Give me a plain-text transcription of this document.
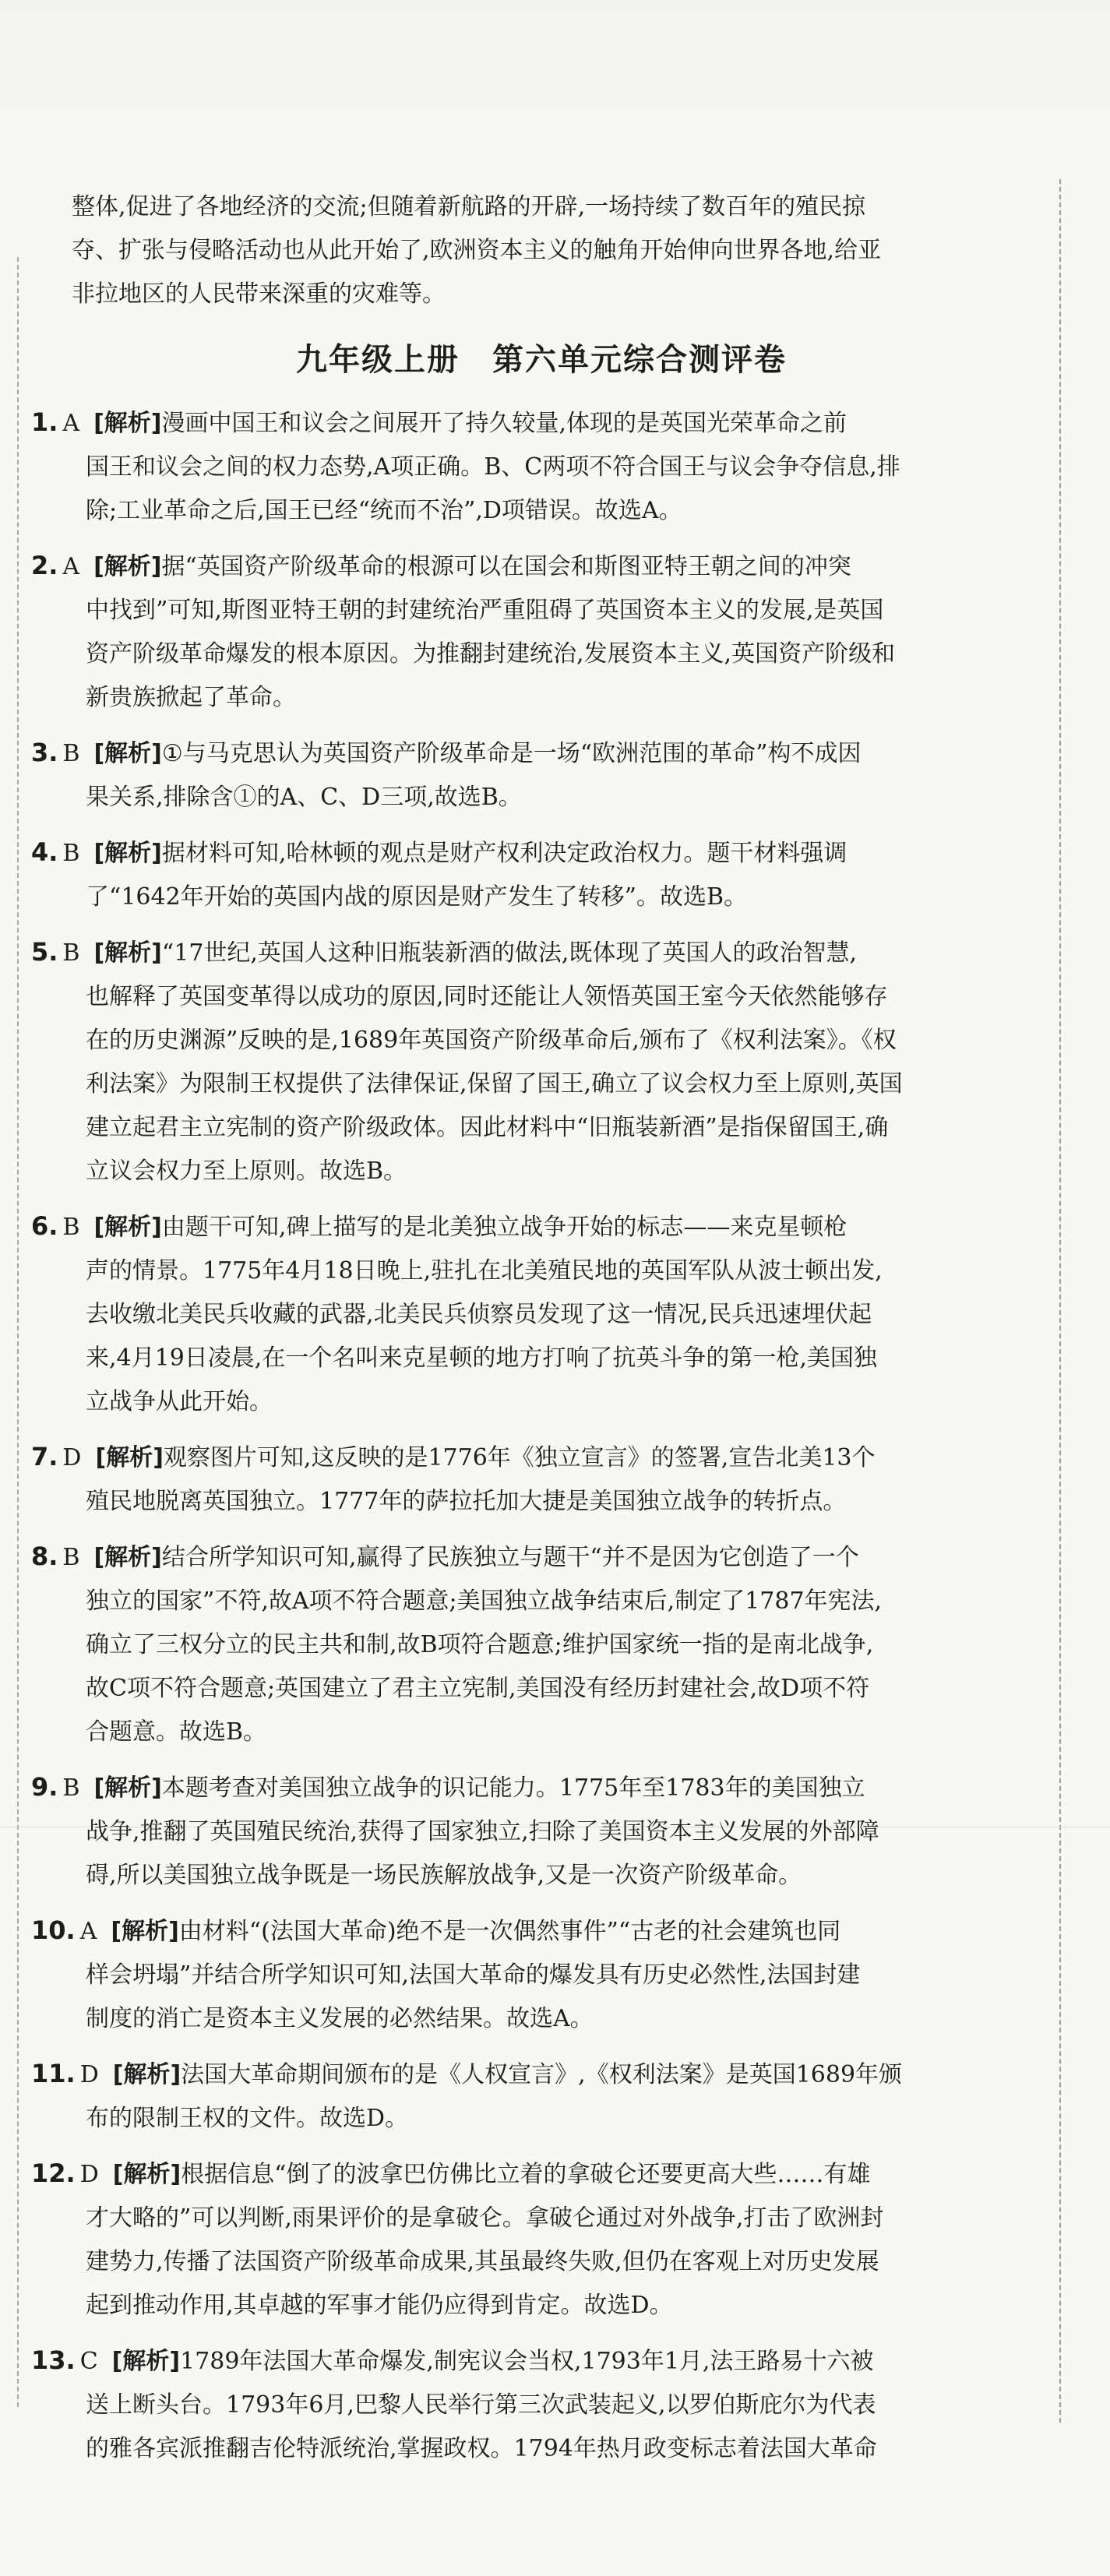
整体,促进了各地经济的交流;但随着新航路的开辟,一场持续了数百年的殖民掠

夺、扩张与侵略活动也从此开始了,欧洲资本主义的触角开始伸向世界各地,给亚

非拉地区的人民带来深重的灾难等。

九年级上册　第六单元综合测评卷
1. A [解析]漫画中国王和议会之间展开了持久较量,体现的是英国光荣革命之前
国王和议会之间的权力态势,A项正确。B、C两项不符合国王与议会争夺信息,排
除;工业革命之后,国王已经“统而不治”,D项错误。故选A。
2. A [解析]据“英国资产阶级革命的根源可以在国会和斯图亚特王朝之间的冲突
中找到”可知,斯图亚特王朝的封建统治严重阻碍了英国资本主义的发展,是英国
资产阶级革命爆发的根本原因。为推翻封建统治,发展资本主义,英国资产阶级和
新贵族掀起了革命。
3. B [解析]①与马克思认为英国资产阶级革命是一场“欧洲范围的革命”构不成因
果关系,排除含①的A、C、D三项,故选B。
4. B [解析]据材料可知,哈林顿的观点是财产权利决定政治权力。题干材料强调
了“1642年开始的英国内战的原因是财产发生了转移”。故选B。
5. B [解析]“17世纪,英国人这种旧瓶装新酒的做法,既体现了英国人的政治智慧,
也解释了英国变革得以成功的原因,同时还能让人领悟英国王室今天依然能够存
在的历史渊源”反映的是,1689年英国资产阶级革命后,颁布了《权利法案》。《权
利法案》为限制王权提供了法律保证,保留了国王,确立了议会权力至上原则,英国
建立起君主立宪制的资产阶级政体。因此材料中“旧瓶装新酒”是指保留国王,确
立议会权力至上原则。故选B。
6. B [解析]由题干可知,碑上描写的是北美独立战争开始的标志——来克星顿枪
声的情景。1775年4月18日晚上,驻扎在北美殖民地的英国军队从波士顿出发,
去收缴北美民兵收藏的武器,北美民兵侦察员发现了这一情况,民兵迅速埋伏起
来,4月19日凌晨,在一个名叫来克星顿的地方打响了抗英斗争的第一枪,美国独
立战争从此开始。
7. D [解析]观察图片可知,这反映的是1776年《独立宣言》的签署,宣告北美13个
殖民地脱离英国独立。1777年的萨拉托加大捷是美国独立战争的转折点。
8. B [解析]结合所学知识可知,赢得了民族独立与题干“并不是因为它创造了一个
独立的国家”不符,故A项不符合题意;美国独立战争结束后,制定了1787年宪法,
确立了三权分立的民主共和制,故B项符合题意;维护国家统一指的是南北战争,
故C项不符合题意;英国建立了君主立宪制,美国没有经历封建社会,故D项不符
合题意。故选B。
9. B [解析]本题考查对美国独立战争的识记能力。1775年至1783年的美国独立
战争,推翻了英国殖民统治,获得了国家独立,扫除了美国资本主义发展的外部障
碍,所以美国独立战争既是一场民族解放战争,又是一次资产阶级革命。
10. A [解析]由材料“(法国大革命)绝不是一次偶然事件”“古老的社会建筑也同
样会坍塌”并结合所学知识可知,法国大革命的爆发具有历史必然性,法国封建
制度的消亡是资本主义发展的必然结果。故选A。
11. D [解析]法国大革命期间颁布的是《人权宣言》,《权利法案》是英国1689年颁
布的限制王权的文件。故选D。
12. D [解析]根据信息“倒了的波拿巴仿佛比立着的拿破仑还要更高大些……有雄
才大略的”可以判断,雨果评价的是拿破仑。拿破仑通过对外战争,打击了欧洲封
建势力,传播了法国资产阶级革命成果,其虽最终失败,但仍在客观上对历史发展
起到推动作用,其卓越的军事才能仍应得到肯定。故选D。
13. C [解析]1789年法国大革命爆发,制宪议会当权,1793年1月,法王路易十六被
送上断头台。1793年6月,巴黎人民举行第三次武装起义,以罗伯斯庇尔为代表
的雅各宾派推翻吉伦特派统治,掌握政权。1794年热月政变标志着法国大革命
